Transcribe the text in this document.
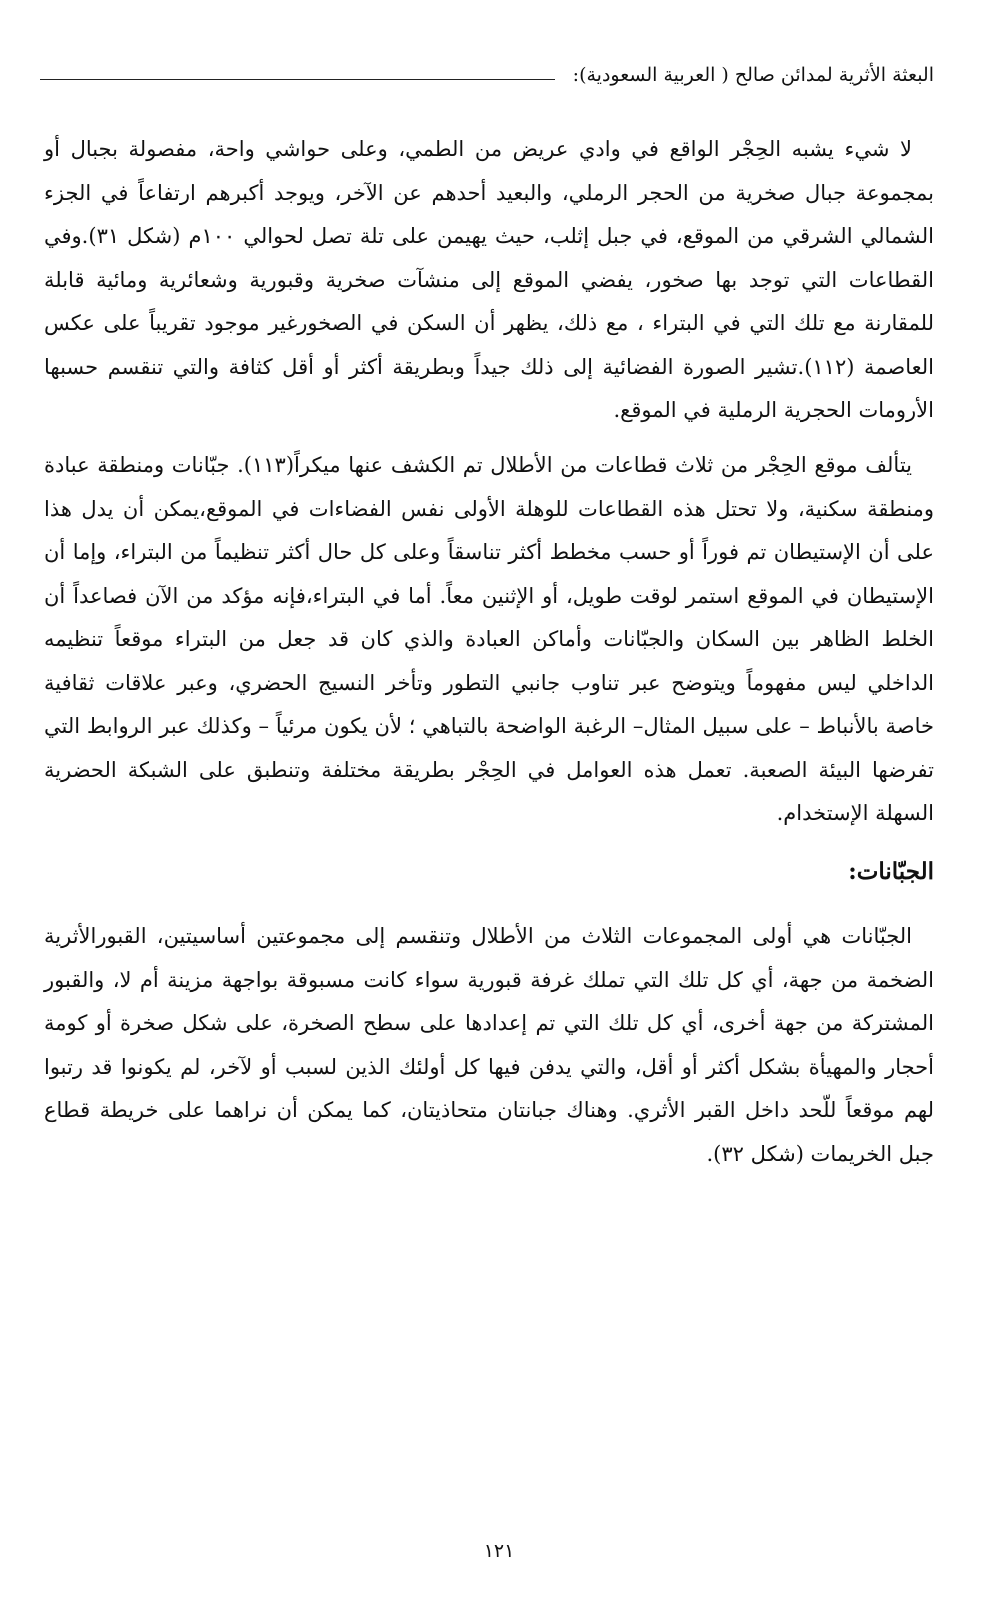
البعثة الأثرية لمدائن صالح ( العربية السعودية):

لا شيء يشبه الحِجْر الواقع في وادي عريض من الطمي، وعلى حواشي واحة، مفصولة بجبال أو بمجموعة جبال صخرية من الحجر الرملي، والبعيد أحدهم عن الآخر، ويوجد أكبرهم ارتفاعاً في الجزء الشمالي الشرقي من الموقع، في جبل إثلب، حيث يهيمن على تلة تصل لحوالي ١٠٠م (شكل ٣١).وفي القطاعات التي توجد بها صخور، يفضي الموقع إلى منشآت صخرية وقبورية وشعائرية ومائية قابلة للمقارنة مع تلك التي في البتراء ، مع ذلك، يظهر أن السكن في الصخورغير موجود تقريباً على عكس العاصمة (١١٢).تشير الصورة الفضائية إلى ذلك جيداً وبطريقة أكثر أو أقل كثافة والتي تنقسم حسبها الأرومات الحجرية الرملية في الموقع.

يتألف موقع الحِجْر من ثلاث قطاعات من الأطلال تم الكشف عنها ميكراً(١١٣). جبّانات ومنطقة عبادة ومنطقة سكنية، ولا تحتل هذه القطاعات للوهلة الأولى نفس الفضاءات في الموقع،يمكن أن يدل هذا على أن الإستيطان تم فوراً أو حسب مخطط أكثر تناسقاً وعلى كل حال أكثر تنظيماً من البتراء، وإما أن الإستيطان في الموقع استمر لوقت طويل، أو الإثنين معاً. أما في البتراء،فإنه مؤكد من الآن فصاعداً أن الخلط الظاهر بين السكان والجبّانات وأماكن العبادة والذي كان قد جعل من البتراء موقعاً تنظيمه الداخلي ليس مفهوماً ويتوضح عبر تناوب جانبي التطور وتأخر النسيج الحضري، وعبر علاقات ثقافية خاصة بالأنباط – على سبيل المثال– الرغبة الواضحة بالتباهي ؛ لأن يكون مرئياً – وكذلك عبر الروابط التي تفرضها البيئة الصعبة. تعمل هذه العوامل في الحِجْر بطريقة مختلفة وتنطبق على الشبكة الحضرية السهلة الإستخدام.

الجبّانات:

الجبّانات هي أولى المجموعات الثلاث من الأطلال وتنقسم إلى مجموعتين أساسيتين، القبورالأثرية الضخمة من جهة، أي كل تلك التي تملك غرفة قبورية سواء كانت مسبوقة بواجهة مزينة أم لا، والقبور المشتركة من جهة أخرى، أي كل تلك التي تم إعدادها على سطح الصخرة، على شكل صخرة أو كومة أحجار والمهيأة بشكل أكثر أو أقل، والتي يدفن فيها كل أولئك الذين لسبب أو لآخر، لم يكونوا قد رتبوا لهم موقعاً للّحد داخل القبر الأثري. وهناك جبانتان متحاذيتان، كما يمكن أن نراهما على خريطة قطاع جبل الخريمات (شكل ٣٢).

١٢١
